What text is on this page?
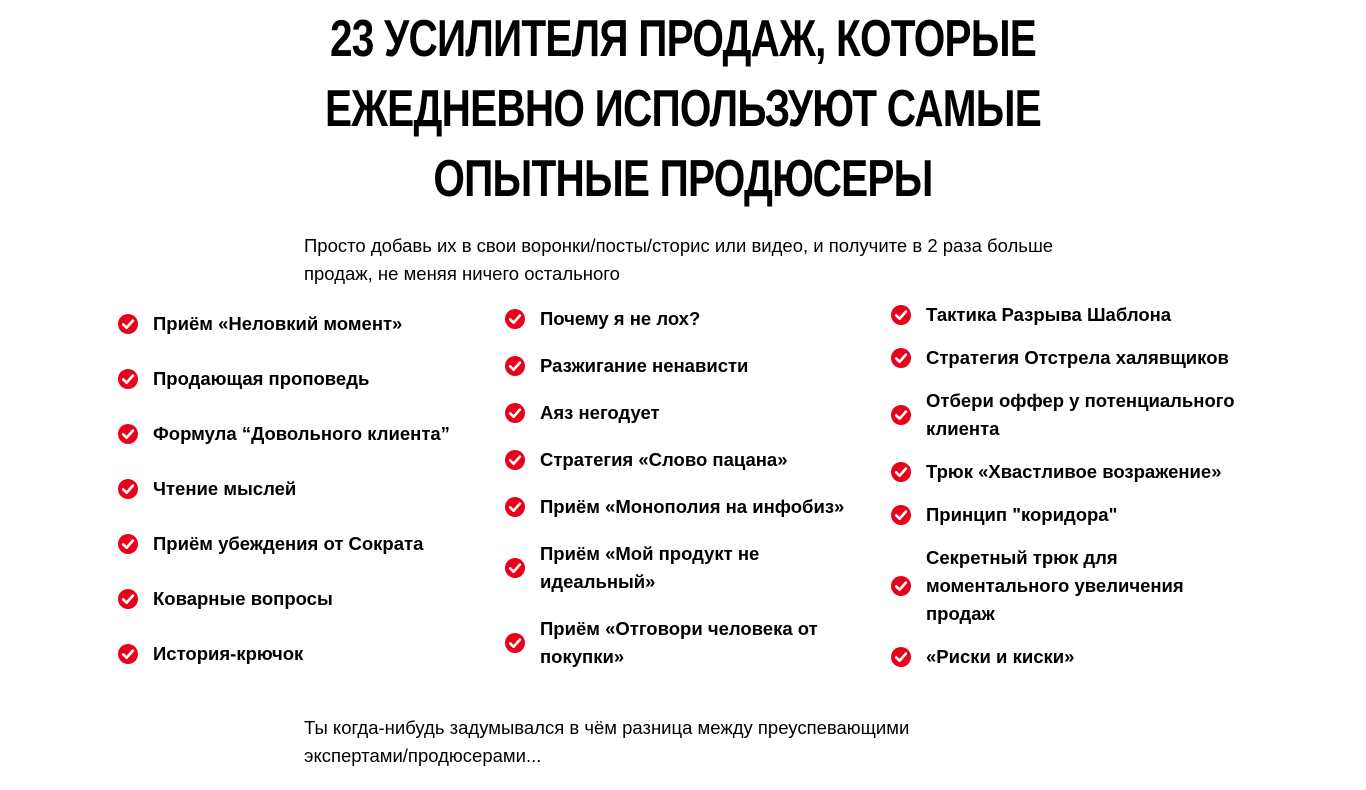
23 УСИЛИТЕЛЯ ПРОДАЖ, КОТОРЫЕ
ЕЖЕДНЕВНО ИСПОЛЬЗУЮТ САМЫЕ
ОПЫТНЫЕ ПРОДЮСЕРЫ

Просто добавь их в свои воронки/посты/сторис или видео, и получите в 2 раза больше продаж, не меняя ничего остального

Приём «Неловкий момент»
Продающая проповедь
Формула “Довольного клиента”
Чтение мыслей
Приём убеждения от Сократа
Коварные вопросы
История-крючок
Почему я не лох?
Разжигание ненависти
Аяз негодует
Стратегия «Слово пацана»
Приём «Монополия на инфобиз»
Приём «Мой продукт не идеальный»
Приём «Отговори человека от покупки»
Тактика Разрыва Шаблона
Стратегия Отстрела халявщиков
Отбери оффер у потенциального клиента
Трюк «Хвастливое возражение»
Принцип "коридора"
Секретный трюк для моментального увеличения продаж
«Риски и киски»

Ты когда-нибудь задумывался в чём разница между преуспевающими экспертами/продюсерами...
